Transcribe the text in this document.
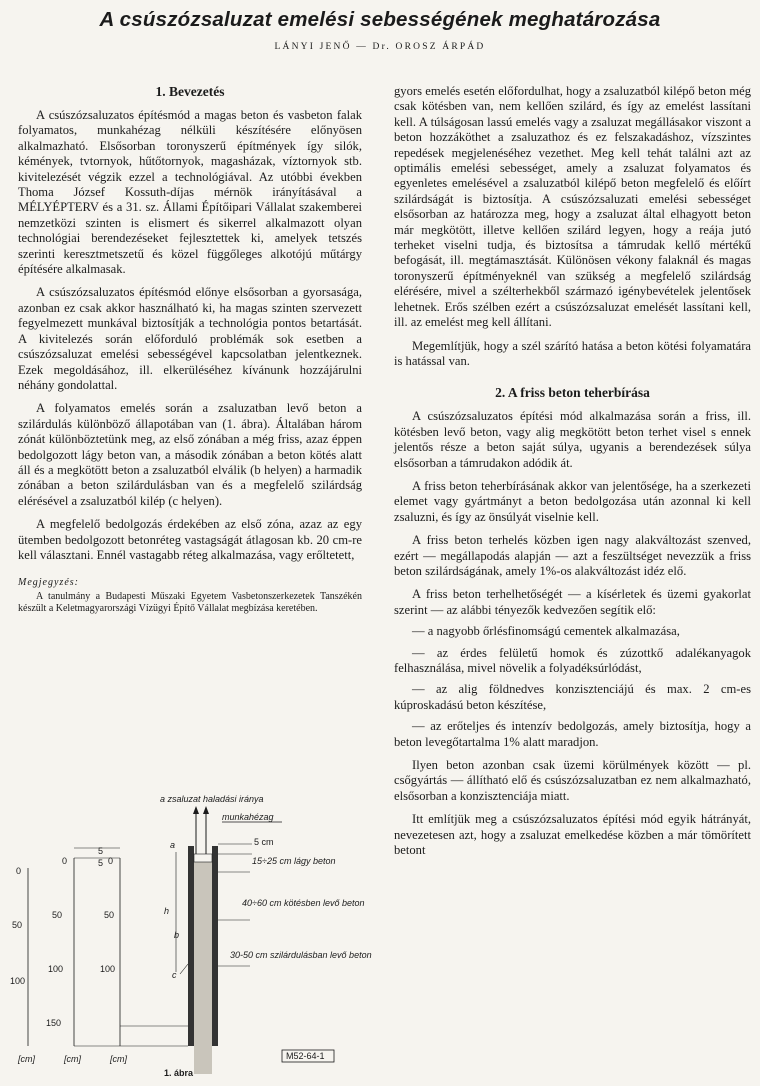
A csúszózsaluzat emelési sebességének meghatározása
LÁNYI JENŐ — Dr. OROSZ ÁRPÁD
1. Bevezetés

A csúszózsaluzatos építésmód a magas beton és vasbeton falak folyamatos, munkahézag nélküli készítésére előnyösen alkalmazható. Elsősorban toronyszerű építmények így silók, kémények, tvtornyok, hűtőtornyok, magasházak, víztornyok stb. kivitelezését végzik ezzel a technológiával. Az utóbbi években Thoma József Kossuth-díjas mérnök irányításával a MÉLYÉPTERV és a 31. sz. Állami Építőipari Vállalat szakemberei nemzetközi szinten is elismert és sikerrel alkalmazott olyan technológiai berendezéseket fejlesztettek ki, amelyek tetszés szerinti keresztmetszetű és közel függőleges alkotójú műtárgy építésére alkalmasak.

A csúszózsaluzatos építésmód előnye elsősorban a gyorsasága, azonban ez csak akkor használható ki, ha magas szinten szervezett fegyelmezett munkával biztosítják a technológia pontos betartását. A kivitelezés során előforduló problémák sok esetben a csúszózsaluzat emelési sebességével kapcsolatban jelentkeznek. Ezek megoldásához, ill. elkerüléséhez kívánunk hozzájárulni néhány gondolattal.

A folyamatos emelés során a zsaluzatban levő beton a szilárdulás különböző állapotában van (1. ábra). Általában három zónát különböztetünk meg, az első zónában a még friss, azaz éppen bedolgozott lágy beton van, a második zónában a beton kötés alatt áll és a megkötött beton a zsaluzatból elválik (b helyen) a harmadik zónában a beton szilárdulásban van és a megfelelő szilárdság elérésével a zsaluzatból kilép (c helyen).

A megfelelő bedolgozás érdekében az első zóna, azaz az egy ütemben bedolgozott betonréteg vastagságát átlagosan kb. 20 cm-re kell választani. Ennél vastagabb réteg alkalmazása, vagy erőltetett,

Megjegyzés:

A tanulmány a Budapesti Műszaki Egyetem Vasbetonszerkezetek Tanszékén készült a Keletmagyarországi Vízügyi Építő Vállalat megbízása keretében.

a zsaluzat haladási iránya
munkahézag
5 cm
15÷25 cm lágy beton
40÷60 cm kötésben levő beton
30-50 cm szilárdulásban levő beton
h
a
b
c
5
5
0
50
100
0
50
100
150
0
50
100
[cm]	[cm]	[cm]	M52-64-1
1. ábra

gyors emelés esetén előfordulhat, hogy a zsaluzatból kilépő beton még csak kötésben van, nem kellően szilárd, és így az emelést lassítani kell. A túlságosan lassú emelés vagy a zsaluzat megállásakor viszont a beton hozzáköthet a zsaluzathoz és ez felszakadáshoz, vízszintes repedések megjelenéséhez vezethet. Meg kell tehát találni azt az optimális emelési sebességet, amely a zsaluzat folyamatos és egyenletes emelésével a zsaluzatból kilépő beton megfelelő és előírt szilárdságát is biztosítja. A csúszózsaluzati emelési sebességet elsősorban az határozza meg, hogy a zsaluzat által elhagyott beton már megkötött, illetve kellően szilárd legyen, hogy a reája jutó terheket viselni tudja, és biztosítsa a támrudak kellő mértékű befogását, ill. megtámasztását. Különösen vékony falaknál és magas toronyszerű építményeknél van szükség a megfelelő szilárdság elérésére, mivel a szélterhekből származó igénybevételek jelentősek lehetnek. Erős szélben ezért a csúszózsaluzat emelését lassítani kell, ill. az emelést meg kell állítani.

Megemlítjük, hogy a szél szárító hatása a beton kötési folyamatára is hatással van.

2. A friss beton teherbírása

A csúszózsaluzatos építési mód alkalmazása során a friss, ill. kötésben levő beton, vagy alig megkötött beton terhet visel s ennek jelentős része a beton saját súlya, ugyanis a berendezések súlya elsősorban a támrudakon adódik át.

A friss beton teherbírásának akkor van jelentősége, ha a szerkezeti elemet vagy gyártmányt a beton bedolgozása után azonnal ki kell zsaluzni, és így az önsúlyát viselnie kell.

A friss beton terhelés közben igen nagy alakváltozást szenved, ezért — megállapodás alapján — azt a feszültséget nevezzük a friss beton szilárdságának, amely 1%-os alakváltozást idéz elő.

A friss beton terhelhetőségét — a kísérletek és üzemi gyakorlat szerint — az alábbi tényezők kedvezően segítik elő:

— a nagyobb őrlésfinomságú cementek alkalmazása,

— az érdes felületű homok és zúzottkő adalékanyagok felhasználása, mivel növelik a folyadéksúrlódást,

— az alig földnedves konzisztenciájú és max. 2 cm-es kúproskadású beton készítése,

— az erőteljes és intenzív bedolgozás, amely biztosítja, hogy a beton levegőtartalma 1% alatt maradjon.

Ilyen beton azonban csak üzemi körülmények között — pl. csőgyártás — állítható elő és csúszózsaluzatban ez nem alkalmazható, elsősorban a konzisztenciája miatt.

Itt említjük meg a csúszózsaluzatos építési mód egyik hátrányát, nevezetesen azt, hogy a zsaluzat emelkedése közben a már tömörített betont
